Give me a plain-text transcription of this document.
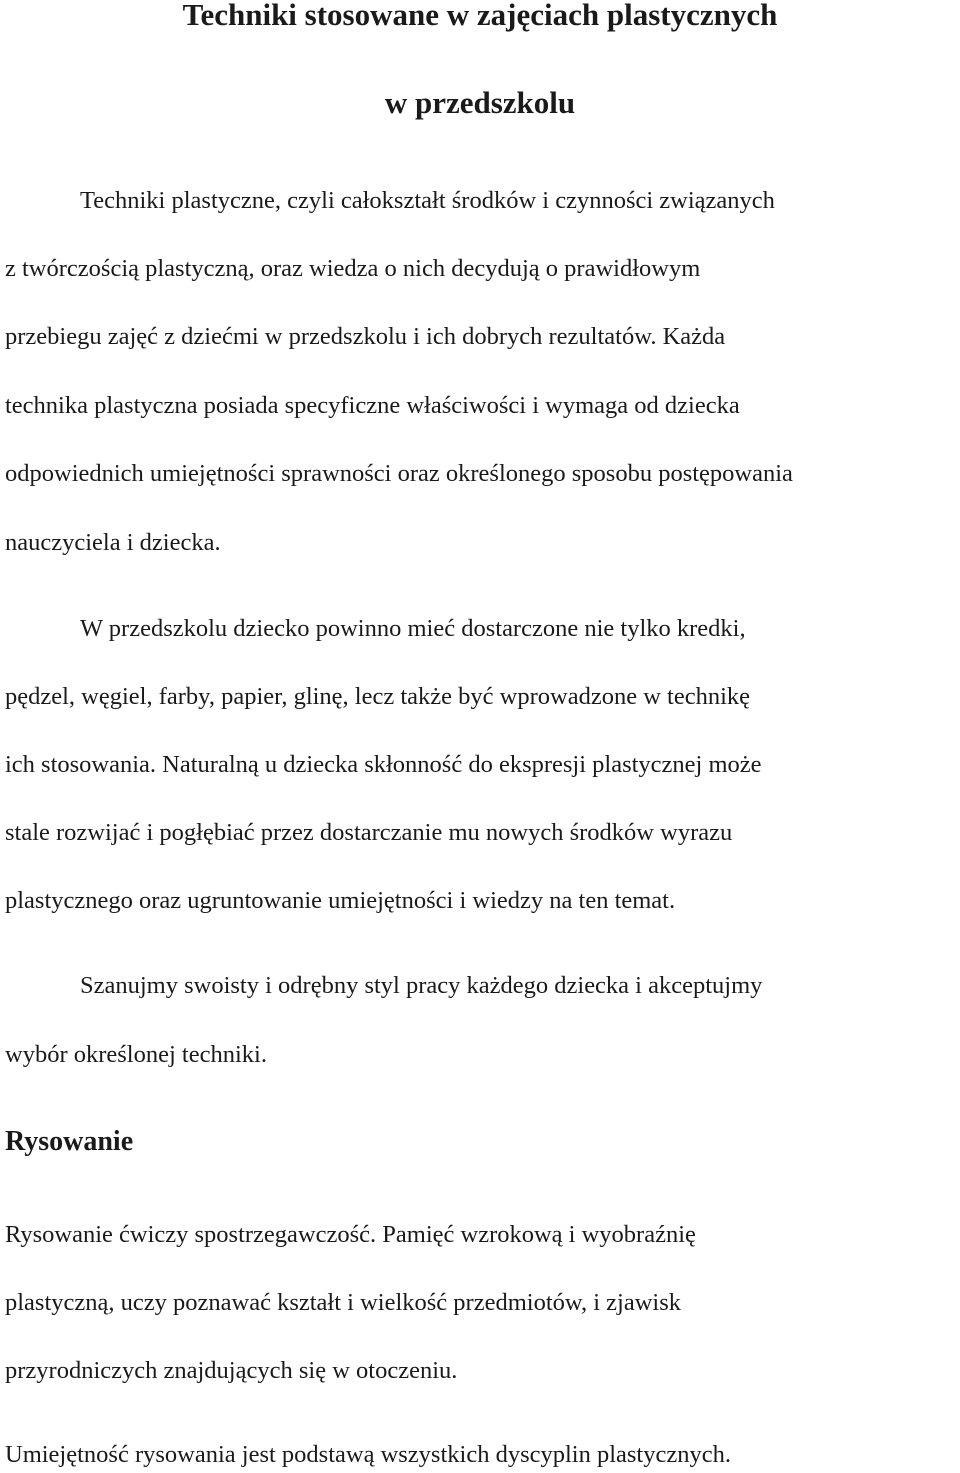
Techniki stosowane w zajęciach plastycznych
w przedszkolu
Techniki plastyczne, czyli całokształt środków i czynności związanych
z twórczością plastyczną, oraz wiedza o nich decydują o prawidłowym
przebiegu zajęć z dziećmi w przedszkolu i ich dobrych rezultatów. Każda
technika plastyczna posiada specyficzne właściwości i wymaga od dziecka
odpowiednich umiejętności sprawności oraz określonego sposobu postępowania
nauczyciela i dziecka.
W przedszkolu dziecko powinno mieć dostarczone nie tylko kredki,
pędzel, węgiel, farby, papier, glinę, lecz także być wprowadzone w technikę
ich stosowania. Naturalną u dziecka skłonność do ekspresji plastycznej może
stale rozwijać i pogłębiać przez dostarczanie mu nowych środków wyrazu
plastycznego oraz ugruntowanie umiejętności i wiedzy na ten temat.
Szanujmy swoisty i odrębny styl pracy każdego dziecka i akceptujmy
wybór określonej techniki.
Rysowanie
Rysowanie ćwiczy spostrzegawczość. Pamięć wzrokową i wyobraźnię
plastyczną, uczy poznawać kształt i wielkość przedmiotów, i zjawisk
przyrodniczych znajdujących się w otoczeniu.
Umiejętność rysowania jest podstawą wszystkich dyscyplin plastycznych.
